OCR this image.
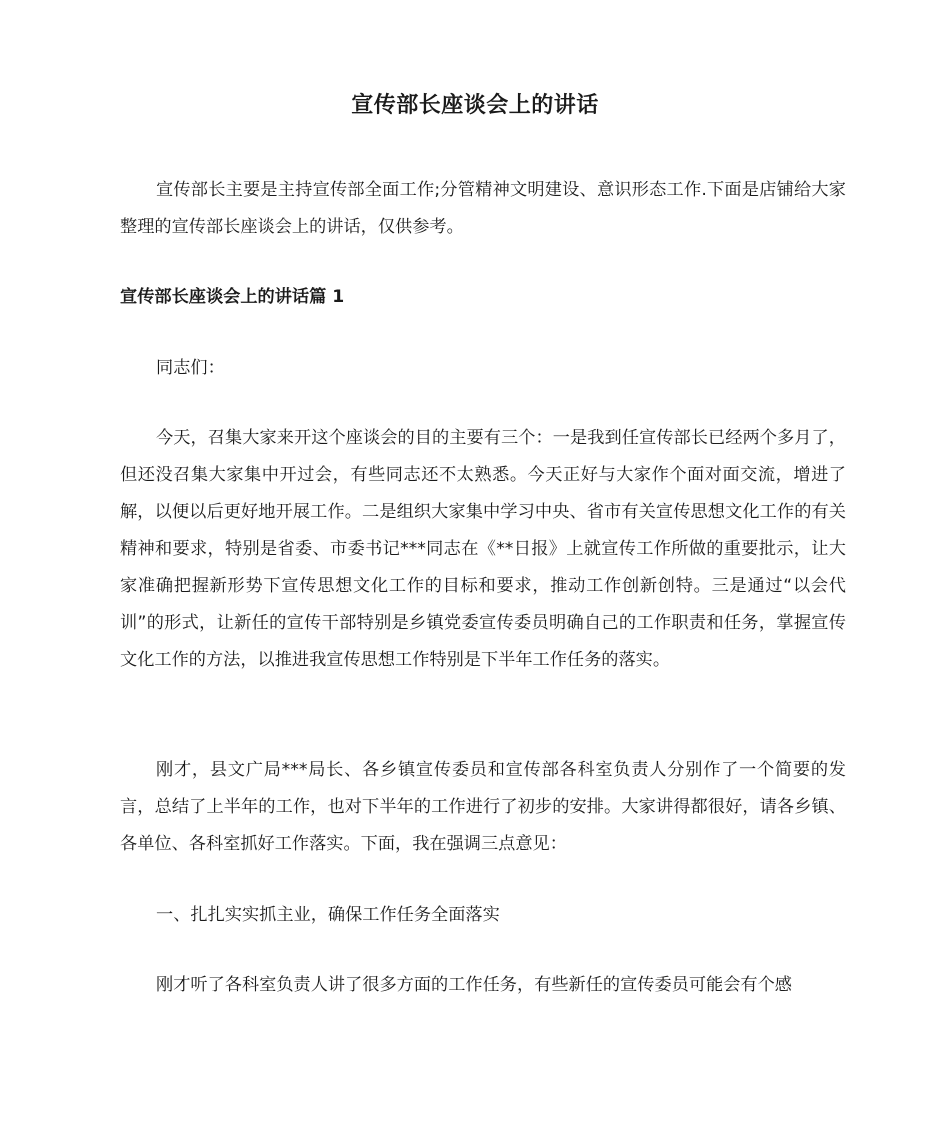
宣传部长座谈会上的讲话

宣传部长主要是主持宣传部全面工作;分管精神文明建设、意识形态工作.下面是店铺给大家整理的宣传部长座谈会上的讲话，仅供参考。

宣传部长座谈会上的讲话篇 1

同志们：

今天，召集大家来开这个座谈会的目的主要有三个：一是我到任宣传部长已经两个多月了，但还没召集大家集中开过会，有些同志还不太熟悉。今天正好与大家作个面对面交流，增进了解，以便以后更好地开展工作。二是组织大家集中学习中央、省市有关宣传思想文化工作的有关精神和要求，特别是省委、市委书记***同志在《**日报》上就宣传工作所做的重要批示，让大家准确把握新形势下宣传思想文化工作的目标和要求，推动工作创新创特。三是通过“以会代训”的形式，让新任的宣传干部特别是乡镇党委宣传委员明确自己的工作职责和任务，掌握宣传文化工作的方法，以推进我宣传思想工作特别是下半年工作任务的落实。

刚才，县文广局***局长、各乡镇宣传委员和宣传部各科室负责人分别作了一个简要的发言，总结了上半年的工作，也对下半年的工作进行了初步的安排。大家讲得都很好，请各乡镇、各单位、各科室抓好工作落实。下面，我在强调三点意见：

一、扎扎实实抓主业，确保工作任务全面落实

刚才听了各科室负责人讲了很多方面的工作任务，有些新任的宣传委员可能会有个感
